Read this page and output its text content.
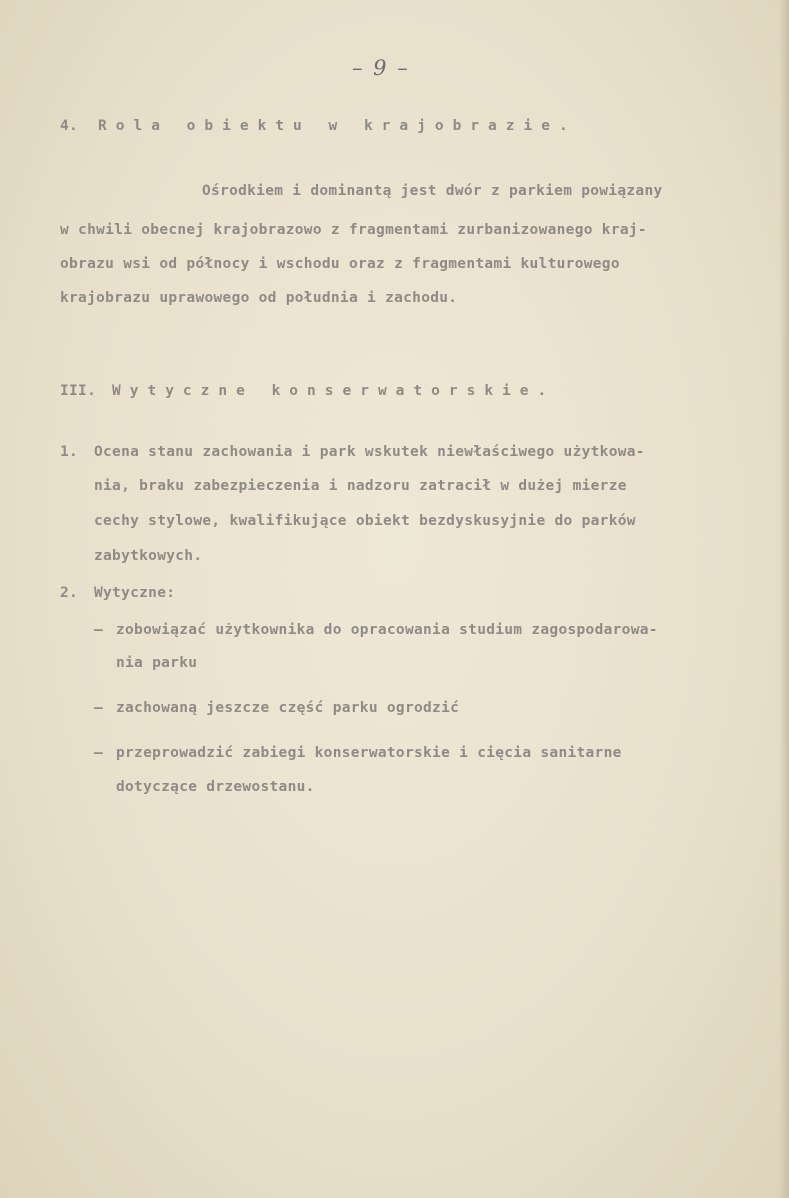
– 9 –

4. Rola obiektu w krajobrazie.

Ośrodkiem i dominantą jest dwór z parkiem powiązany

w chwili obecnej krajobrazowo z fragmentami zurbanizowanego kraj-

obrazu wsi od północy i wschodu oraz z fragmentami kulturowego

krajobrazu uprawowego od południa i zachodu.

III. Wytyczne konserwatorskie.

1. Ocena stanu zachowania i park wskutek niewłaściwego użytkowa-

nia, braku zabezpieczenia i nadzoru zatracił w dużej mierze

cechy stylowe, kwalifikujące obiekt bezdyskusyjnie do parków

zabytkowych.

2. Wytyczne:

– zobowiązać użytkownika do opracowania studium zagospodarowa-

nia parku

– zachowaną jeszcze część parku ogrodzić

– przeprowadzić zabiegi konserwatorskie i cięcia sanitarne

dotyczące drzewostanu.
